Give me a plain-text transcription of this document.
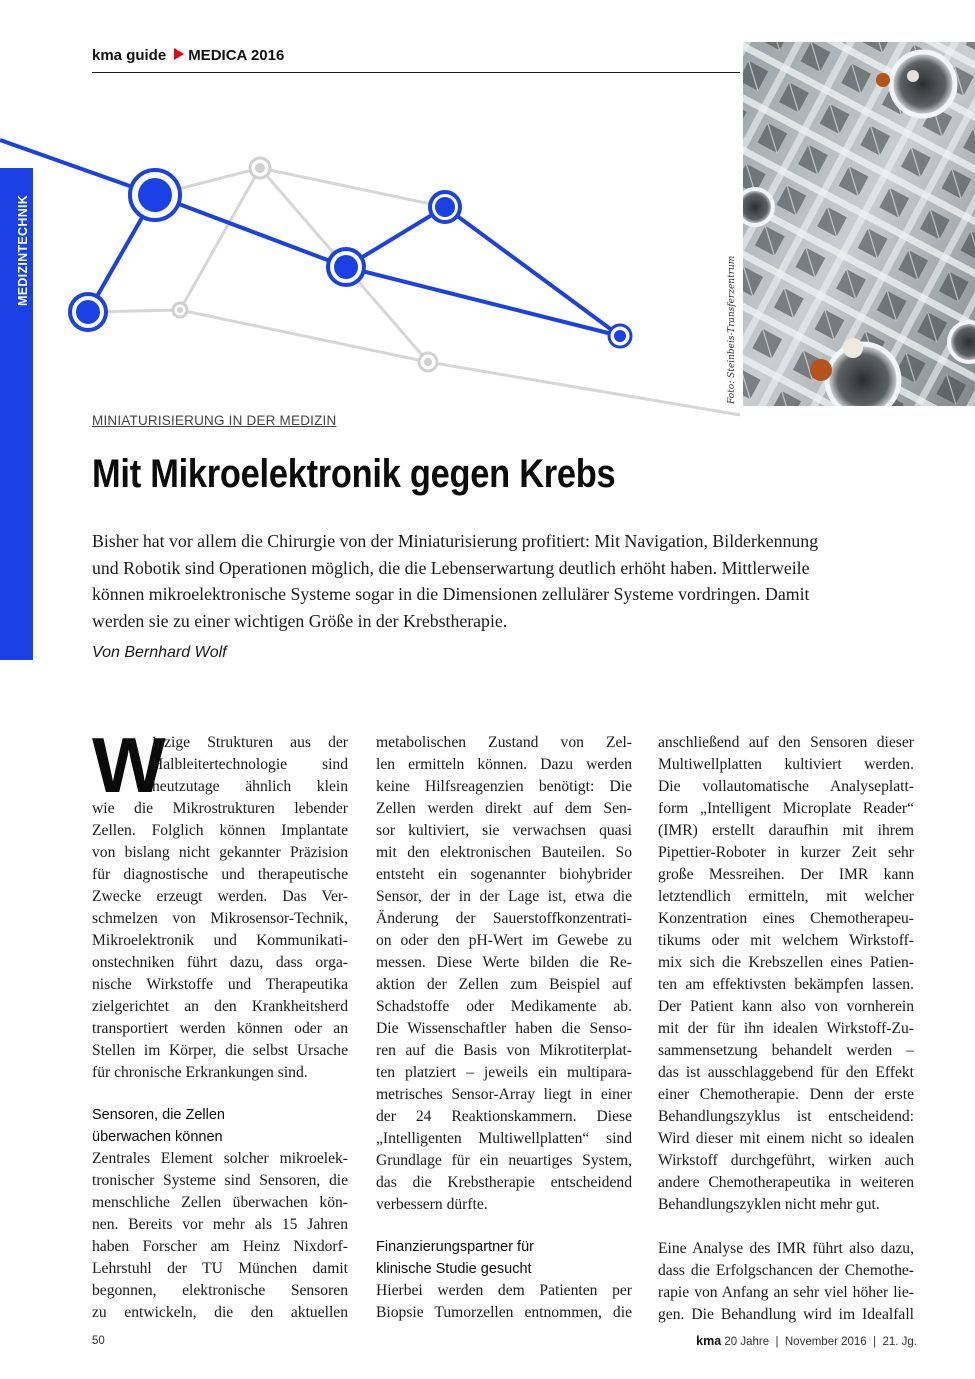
kma guide MEDICA 2016
MEDIZINTECHNIK
Foto: Steinbeis-Transferzentrum
MINIATURISIERUNG IN DER MEDIZIN
Mit Mikroelektronik gegen Krebs
Bisher hat vor allem die Chirurgie von der Miniaturisierung profitiert: Mit Navigation, Bilderkennung
und Robotik sind Operationen möglich, die die Lebenserwartung deutlich erhöht haben. Mittlerweile
können mikroelektronische Systeme sogar in die Dimensionen zellulärer Systeme vordringen. Damit
werden sie zu einer wichtigen Größe in der Krebstherapie.
Von Bernhard Wolf
W
inzige Strukturen aus der
Halbleitertechnologie sind
heutzutage ähnlich klein
wie die Mikrostrukturen lebender
Zellen. Folglich können Implantate
von bislang nicht gekannter Präzision
für diagnostische und therapeutische
Zwecke erzeugt werden. Das Ver-
schmelzen von Mikrosensor-Technik,
Mikroelektronik und Kommunikati-
onstechniken führt dazu, dass orga-
nische Wirkstoffe und Therapeutika
zielgerichtet an den Krankheitsherd
transportiert werden können oder an
Stellen im Körper, die selbst Ursache
für chronische Erkrankungen sind.
Sensoren, die Zellen
überwachen können
Zentrales Element solcher mikroelek-
tronischer Systeme sind Sensoren, die
menschliche Zellen überwachen kön-
nen. Bereits vor mehr als 15 Jahren
haben Forscher am Heinz Nixdorf-
Lehrstuhl der TU München damit
begonnen, elektronische Sensoren
zu entwickeln, die den aktuellen
metabolischen Zustand von Zel-
len ermitteln können. Dazu werden
keine Hilfsreagenzien benötigt: Die
Zellen werden direkt auf dem Sen-
sor kultiviert, sie verwachsen quasi
mit den elektronischen Bauteilen. So
entsteht ein sogenannter biohybrider
Sensor, der in der Lage ist, etwa die
Änderung der Sauerstoffkonzentrati-
on oder den pH-Wert im Gewebe zu
messen. Diese Werte bilden die Re-
aktion der Zellen zum Beispiel auf
Schadstoffe oder Medikamente ab.
Die Wissenschaftler haben die Senso-
ren auf die Basis von Mikrotiterplat-
ten platziert – jeweils ein multipara-
metrisches Sensor-Array liegt in einer
der 24 Reaktionskammern. Diese
„Intelligenten Multiwellplatten“ sind
Grundlage für ein neuartiges System,
das die Krebstherapie entscheidend
verbessern dürfte.
Finanzierungspartner für
klinische Studie gesucht
Hierbei werden dem Patienten per
Biopsie Tumorzellen entnommen, die
anschließend auf den Sensoren dieser
Multiwellplatten kultiviert werden.
Die vollautomatische Analyseplatt-
form „Intelligent Microplate Reader“
(IMR) erstellt daraufhin mit ihrem
Pipettier-Roboter in kurzer Zeit sehr
große Messreihen. Der IMR kann
letztendlich ermitteln, mit welcher
Konzentration eines Chemotherapeu-
tikums oder mit welchem Wirkstoff-
mix sich die Krebszellen eines Patien-
ten am effektivsten bekämpfen lassen.
Der Patient kann also von vornherein
mit der für ihn idealen Wirkstoff-Zu-
sammensetzung behandelt werden –
das ist ausschlaggebend für den Effekt
einer Chemotherapie. Denn der erste
Behandlungszyklus ist entscheidend:
Wird dieser mit einem nicht so idealen
Wirkstoff durchgeführt, wirken auch
andere Chemotherapeutika in weiteren
Behandlungszyklen nicht mehr gut.
Eine Analyse des IMR führt also dazu,
dass die Erfolgschancen der Chemothe-
rapie von Anfang an sehr viel höher lie-
gen. Die Behandlung wird im Idealfall
50	kma 20 Jahre  |  November 2016  |  21. Jg.
